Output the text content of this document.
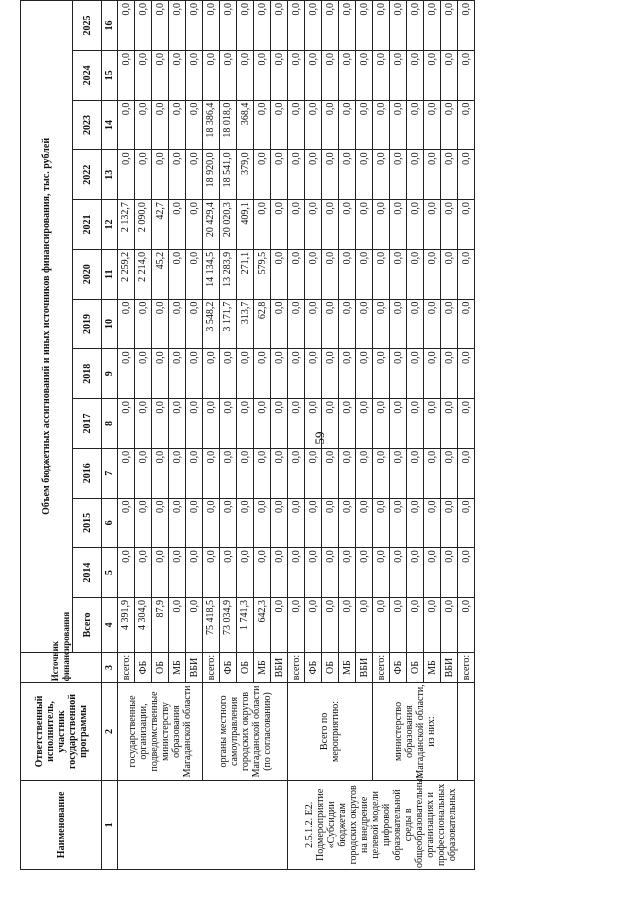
59
Наименование	Ответственный исполнитель, участник государственной программы	Источник финансирования	Объем бюджетных ассигнований и иных источников финансирования, тыс. рублей												
			Всего	2014	2015	2016	2017	2018	2019	2020	2021	2022	2023	2024	2025
1	2	3	4	5	6	7	8	9	10	11	12	13	14	15	16
	государственные организации, подведомственные министерству образования Магаданской области	всего:	4 391,9	0,0	0,0	0,0	0,0	0,0	0,0	2 259,2	2 132,7	0,0	0,0	0,0	0,0
		ФБ	4 304,0	0,0	0,0	0,0	0,0	0,0	0,0	2 214,0	2 090,0	0,0	0,0	0,0	0,0
		ОБ	87,9	0,0	0,0	0,0	0,0	0,0	0,0	45,2	42,7	0,0	0,0	0,0	0,0
		МБ	0,0	0,0	0,0	0,0	0,0	0,0	0,0	0,0	0,0	0,0	0,0	0,0	0,0
		ВБИ	0,0	0,0	0,0	0,0	0,0	0,0	0,0	0,0	0,0	0,0	0,0	0,0	0,0
	органы местного самоуправления городских округов Магаданской области (по согласованию)	всего:	75 418,5	0,0	0,0	0,0	0,0	0,0	3 548,2	14 134,5	20 429,4	18 920,0	18 386,4	0,0	0,0
		ФБ	73 034,9	0,0	0,0	0,0	0,0	0,0	3 171,7	13 283,9	20 020,3	18 541,0	18 018,0	0,0	0,0
		ОБ	1 741,3	0,0	0,0	0,0	0,0	0,0	313,7	271,1	409,1	379,0	368,4	0,0	0,0
		МБ	642,3	0,0	0,0	0,0	0,0	0,0	62,8	579,5	0,0	0,0	0,0	0,0	0,0
		ВБИ	0,0	0,0	0,0	0,0	0,0	0,0	0,0	0,0	0,0	0,0	0,0	0,0	0,0
2.5.1.2. Е2. Подмероприятие «Субсидии бюджетам городских округов на внедрение целевой модели цифровой образовательной среды в общеобразовательных организациях и профессиональных образовательных	Всего по мероприятию:	всего:	0,0	0,0	0,0	0,0	0,0	0,0	0,0	0,0	0,0	0,0	0,0	0,0	0,0
		ФБ	0,0	0,0	0,0	0,0	0,0	0,0	0,0	0,0	0,0	0,0	0,0	0,0	0,0
		ОБ	0,0	0,0	0,0	0,0	0,0	0,0	0,0	0,0	0,0	0,0	0,0	0,0	0,0
		МБ	0,0	0,0	0,0	0,0	0,0	0,0	0,0	0,0	0,0	0,0	0,0	0,0	0,0
		ВБИ	0,0	0,0	0,0	0,0	0,0	0,0	0,0	0,0	0,0	0,0	0,0	0,0	0,0
	министерство образования Магаданской области, из них:	всего:	0,0	0,0	0,0	0,0	0,0	0,0	0,0	0,0	0,0	0,0	0,0	0,0	0,0
		ФБ	0,0	0,0	0,0	0,0	0,0	0,0	0,0	0,0	0,0	0,0	0,0	0,0	0,0
		ОБ	0,0	0,0	0,0	0,0	0,0	0,0	0,0	0,0	0,0	0,0	0,0	0,0	0,0
		МБ	0,0	0,0	0,0	0,0	0,0	0,0	0,0	0,0	0,0	0,0	0,0	0,0	0,0
		ВБИ	0,0	0,0	0,0	0,0	0,0	0,0	0,0	0,0	0,0	0,0	0,0	0,0	0,0
		всего:	0,0	0,0	0,0	0,0	0,0	0,0	0,0	0,0	0,0	0,0	0,0	0,0	0,0
